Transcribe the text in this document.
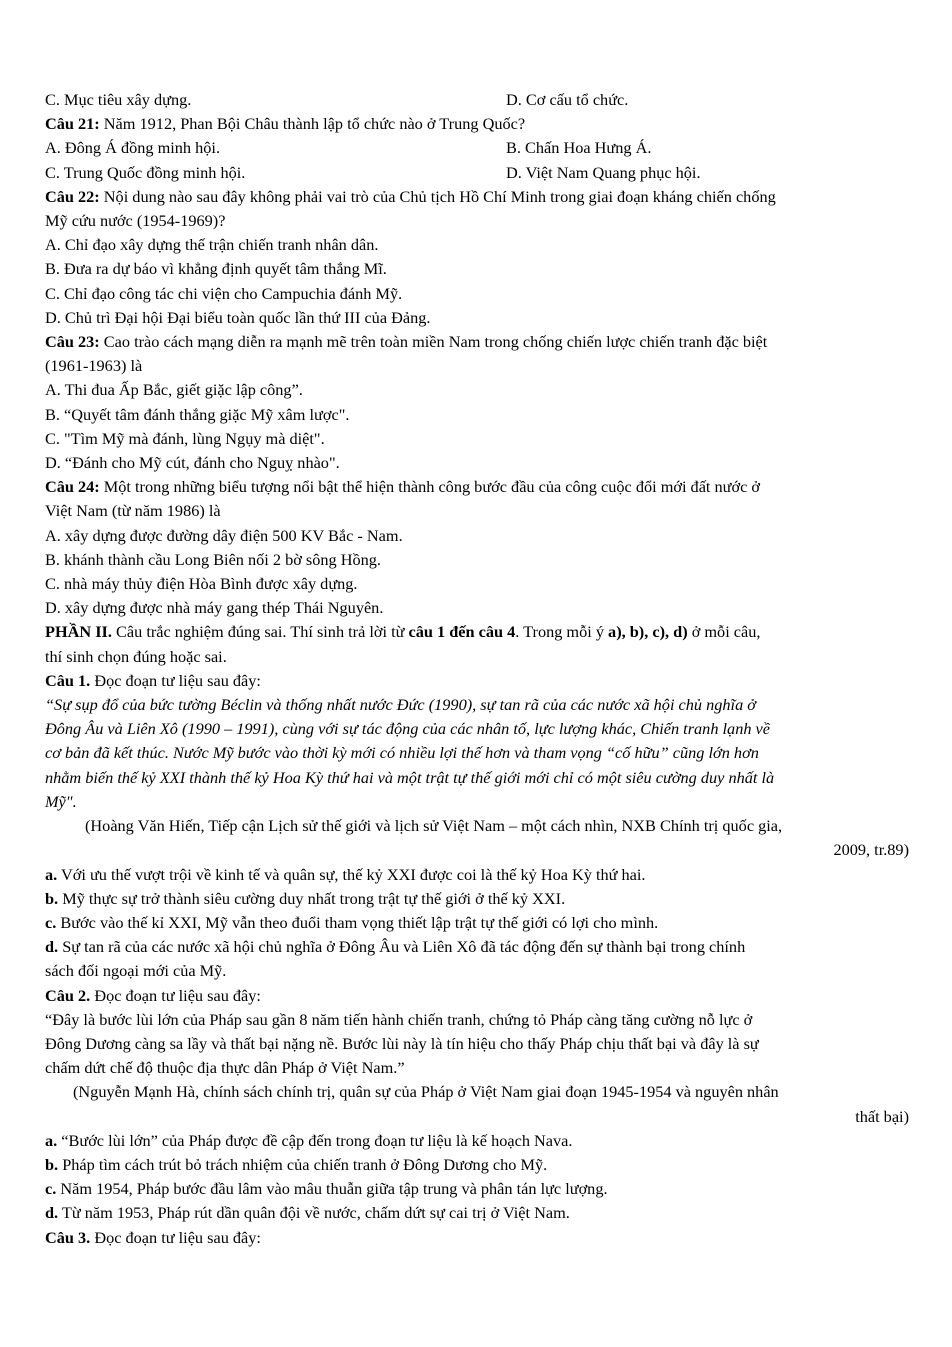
C. Mục tiêu xây dựng.	D. Cơ cấu tổ chức.
Câu 21: Năm 1912, Phan Bội Châu thành lập tổ chức nào ở Trung Quốc?
A. Đông Á đồng minh hội.	B. Chấn Hoa Hưng Á.
C. Trung Quốc đồng minh hội.	D. Việt Nam Quang phục hội.
Câu 22: Nội dung nào sau đây không phải vai trò của Chủ tịch Hồ Chí Minh trong giai đoạn kháng chiến chống
Mỹ cứu nước (1954-1969)?
A. Chỉ đạo xây dựng thế trận chiến tranh nhân dân.
B. Đưa ra dự báo vì khẳng định quyết tâm thắng Mĩ.
C. Chỉ đạo công tác chi viện cho Campuchia đánh Mỹ.
D. Chủ trì Đại hội Đại biểu toàn quốc lần thứ III của Đảng.
Câu 23: Cao trào cách mạng diễn ra mạnh mẽ trên toàn miền Nam trong chống chiến lược chiến tranh đặc biệt
(1961-1963) là
A. Thi đua Ấp Bắc, giết giặc lập công”.
B. “Quyết tâm đánh thắng giặc Mỹ xâm lược".
C. "Tìm Mỹ mà đánh, lùng Ngụy mà diệt".
D. “Đánh cho Mỹ cút, đánh cho Nguỵ nhào".
Câu 24: Một trong những biểu tượng nổi bật thể hiện thành công bước đầu của công cuộc đổi mới đất nước ở
Việt Nam (từ năm 1986) là
A. xây dựng được đường dây điện 500 KV Bắc - Nam.
B. khánh thành cầu Long Biên nối 2 bờ sông Hồng.
C. nhà máy thủy điện Hòa Bình được xây dựng.
D. xây dựng được nhà máy gang thép Thái Nguyên.
PHẦN II. Câu trắc nghiệm đúng sai. Thí sinh trả lời từ câu 1 đến câu 4. Trong mỗi ý a), b), c), d) ở mỗi câu,
thí sinh chọn đúng hoặc sai.
Câu 1. Đọc đoạn tư liệu sau đây:
“Sự sụp đổ của bức tường Béclin và thống nhất nước Đức (1990), sự tan rã của các nước xã hội chủ nghĩa ở
Đông Âu và Liên Xô (1990 – 1991), cùng với sự tác động của các nhân tố, lực lượng khác, Chiến tranh lạnh về
cơ bản đã kết thúc. Nước Mỹ bước vào thời kỳ mới có nhiều lợi thế hơn và tham vọng “cố hữu” cũng lớn hơn
nhằm biến thế kỷ XXI thành thế kỷ Hoa Kỳ thứ hai và một trật tự thế giới mới chỉ có một siêu cường duy nhất là
Mỹ".
(Hoàng Văn Hiến, Tiếp cận Lịch sử thế giới và lịch sử Việt Nam – một cách nhìn, NXB Chính trị quốc gia,
2009, tr.89)
a. Với ưu thế vượt trội về kinh tế và quân sự, thế kỷ XXI được coi là thế kỷ Hoa Kỳ thứ hai.
b. Mỹ thực sự trở thành siêu cường duy nhất trong trật tự thế giới ở thế kỷ XXI.
c. Bước vào thế kỉ XXI, Mỹ vẫn theo đuổi tham vọng thiết lập trật tự thế giới có lợi cho mình.
d. Sự tan rã của các nước xã hội chủ nghĩa ở Đông Âu và Liên Xô đã tác động đến sự thành bại trong chính
sách đối ngoại mới của Mỹ.
Câu 2. Đọc đoạn tư liệu sau đây:
“Đây là bước lùi lớn của Pháp sau gần 8 năm tiến hành chiến tranh, chứng tỏ Pháp càng tăng cường nỗ lực ở
Đông Dương càng sa lầy và thất bại nặng nề. Bước lùi này là tín hiệu cho thấy Pháp chịu thất bại và đây là sự
chấm dứt chế độ thuộc địa thực dân Pháp ở Việt Nam.”
(Nguyễn Mạnh Hà, chính sách chính trị, quân sự của Pháp ở Việt Nam giai đoạn 1945-1954 và nguyên nhân
thất bại)
a. “Bước lùi lớn” của Pháp được đề cập đến trong đoạn tư liệu là kế hoạch Nava.
b. Pháp tìm cách trút bỏ trách nhiệm của chiến tranh ở Đông Dương cho Mỹ.
c. Năm 1954, Pháp bước đầu lâm vào mâu thuẫn giữa tập trung và phân tán lực lượng.
d. Từ năm 1953, Pháp rút dần quân đội về nước, chấm dứt sự cai trị ở Việt Nam.
Câu 3. Đọc đoạn tư liệu sau đây:
